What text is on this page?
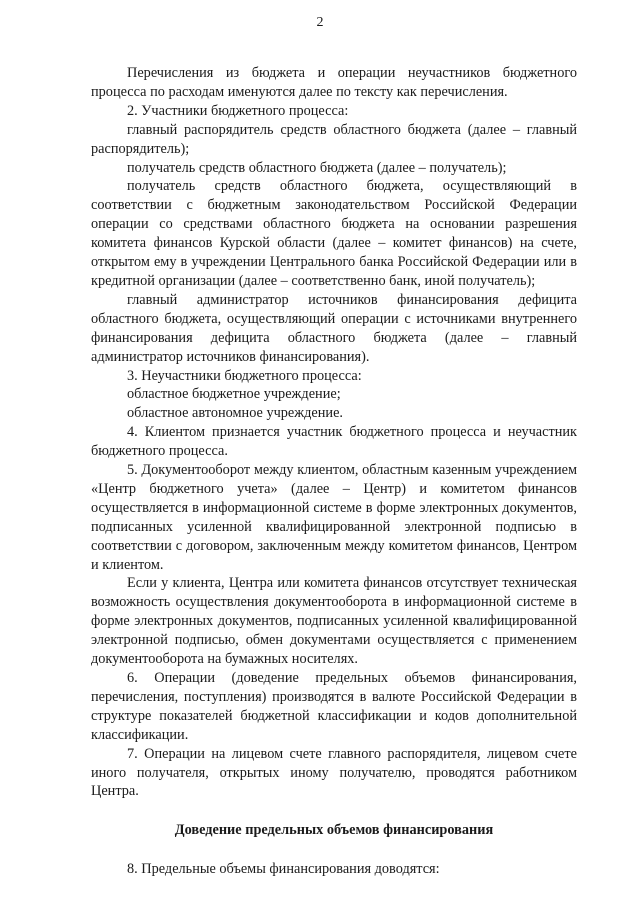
2

Перечисления из бюджета и операции неучастников бюджетного процесса по расходам именуются далее по тексту как перечисления.

2. Участники бюджетного процесса:

главный распорядитель средств областного бюджета (далее – главный распорядитель);

получатель средств областного бюджета (далее – получатель);

получатель средств областного бюджета, осуществляющий в соответствии с бюджетным законодательством Российской Федерации операции со средствами областного бюджета на основании разрешения комитета финансов Курской области (далее – комитет финансов) на счете, открытом ему в учреждении Центрального банка Российской Федерации или в кредитной организации (далее – соответственно банк, иной получатель);

главный администратор источников финансирования дефицита областного бюджета, осуществляющий операции с источниками внутреннего финансирования дефицита областного бюджета (далее – главный администратор источников финансирования).

3. Неучастники бюджетного процесса:

областное бюджетное учреждение;

областное автономное учреждение.

4. Клиентом признается участник бюджетного процесса и неучастник бюджетного процесса.

5. Документооборот между клиентом, областным казенным учреждением «Центр бюджетного учета» (далее – Центр) и комитетом финансов осуществляется в информационной системе в форме электронных документов, подписанных усиленной квалифицированной электронной подписью в соответствии с договором, заключенным между комитетом финансов, Центром и клиентом.

Если у клиента, Центра или комитета финансов отсутствует техническая возможность осуществления документооборота в информационной системе в форме электронных документов, подписанных усиленной квалифицированной электронной подписью, обмен документами осуществляется с применением документооборота на бумажных носителях.

6. Операции (доведение предельных объемов финансирования, перечисления, поступления) производятся в валюте Российской Федерации в структуре показателей бюджетной классификации и кодов дополнительной классификации.

7. Операции на лицевом счете главного распорядителя, лицевом счете иного получателя, открытых иному получателю, проводятся работником Центра.

Доведение предельных объемов финансирования

8. Предельные объемы финансирования доводятся:
